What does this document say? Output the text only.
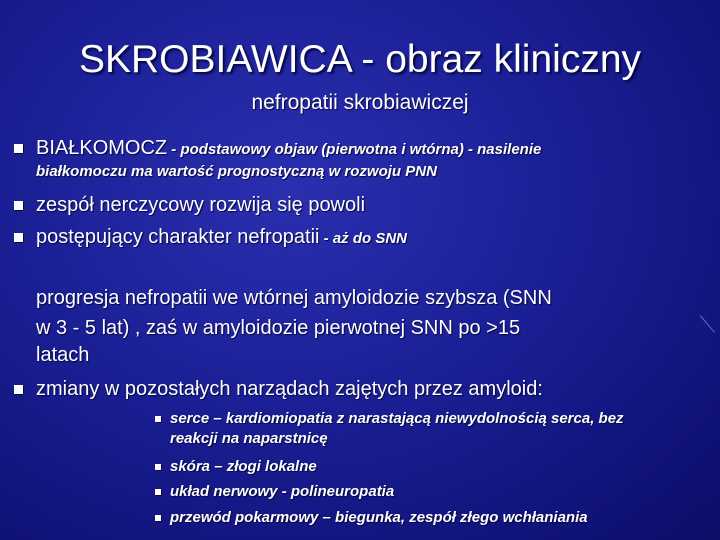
SKROBIAWICA - obraz kliniczny
nefropatii skrobiawiczej
BIAŁKOMOCZ - podstawowy objaw (pierwotna i wtórna) - nasilenie
białkomoczu ma wartość prognostyczną w rozwoju PNN
zespół nerczycowy rozwija się powoli
postępujący charakter nefropatii - aż do SNN
progresja nefropatii we wtórnej amyloidozie szybsza (SNN
w 3 - 5 lat) , zaś w amyloidozie pierwotnej SNN po >15
latach
zmiany w pozostałych narządach zajętych przez amyloid:
serce – kardiomiopatia z narastającą niewydolnością serca, bez
reakcji na naparstnicę
skóra – złogi lokalne
układ nerwowy - polineuropatia
przewód pokarmowy – biegunka, zespół złego wchłaniania
